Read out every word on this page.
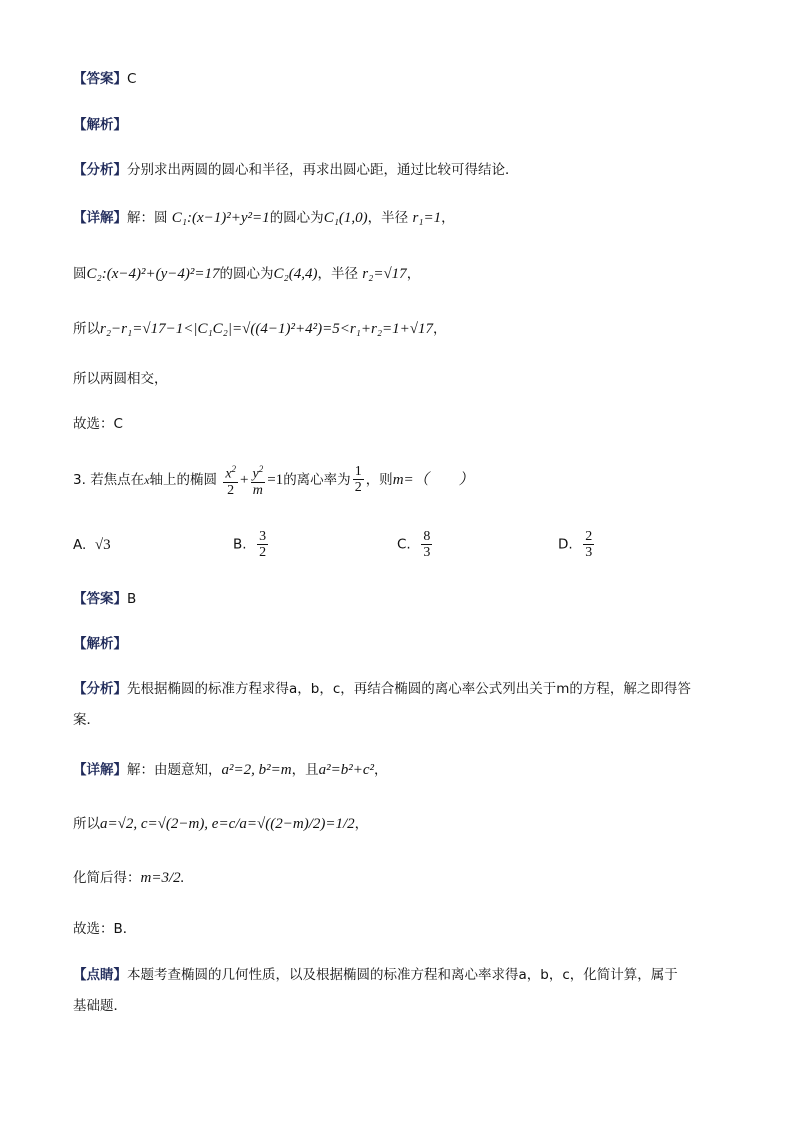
【答案】C
【解析】
【分析】分别求出两圆的圆心和半径，再求出圆心距，通过比较可得结论．
【详解】解：圆 C₁:(x−1)²+y²=1的圆心为C₁(1,0)，半径 r₁=1，
圆C₂:(x−4)²+(y−4)²=17的圆心为C₂(4,4)，半径 r₂=√17，
所以r₂−r₁=√17−1<|C₁C₂|=√((4−1)²+4²)=5<r₁+r₂=1+√17，
所以两圆相交，
故选：C
3. 若焦点在x轴上的椭圆 $\frac{x^2}{2} + \frac{y^2}{m} =1$的离心率为 $\frac{1}{2}$ ，则m=（　　）
A. √3	B. $\frac{3}{2}$	C. $\frac{8}{3}$	D. $\frac{2}{3}$
【答案】B
【解析】
【分析】先根据椭圆的标准方程求得a，b，c，再结合椭圆的离心率公式列出关于m的方程，解之即得答
案．
【详解】解：由题意知，a²=2, b²=m，且a²=b²+c²，
所以a=√2, c=√(2−m), e=c/a=√((2−m)/2)=1/2，
化简后得：m=3/2.
故选：B．
【点睛】本题考查椭圆的几何性质，以及根据椭圆的标准方程和离心率求得a，b，c，化简计算，属于
基础题．
